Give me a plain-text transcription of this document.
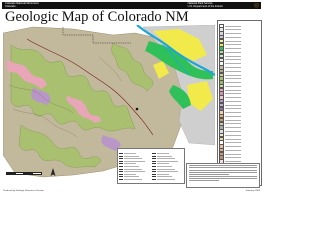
Colorado National Monument
Colorado
National Park Service
U.S. Department of the Interior
Geologic Map of Colorado NM
Produced by Geologic Resources Division	February 2008
